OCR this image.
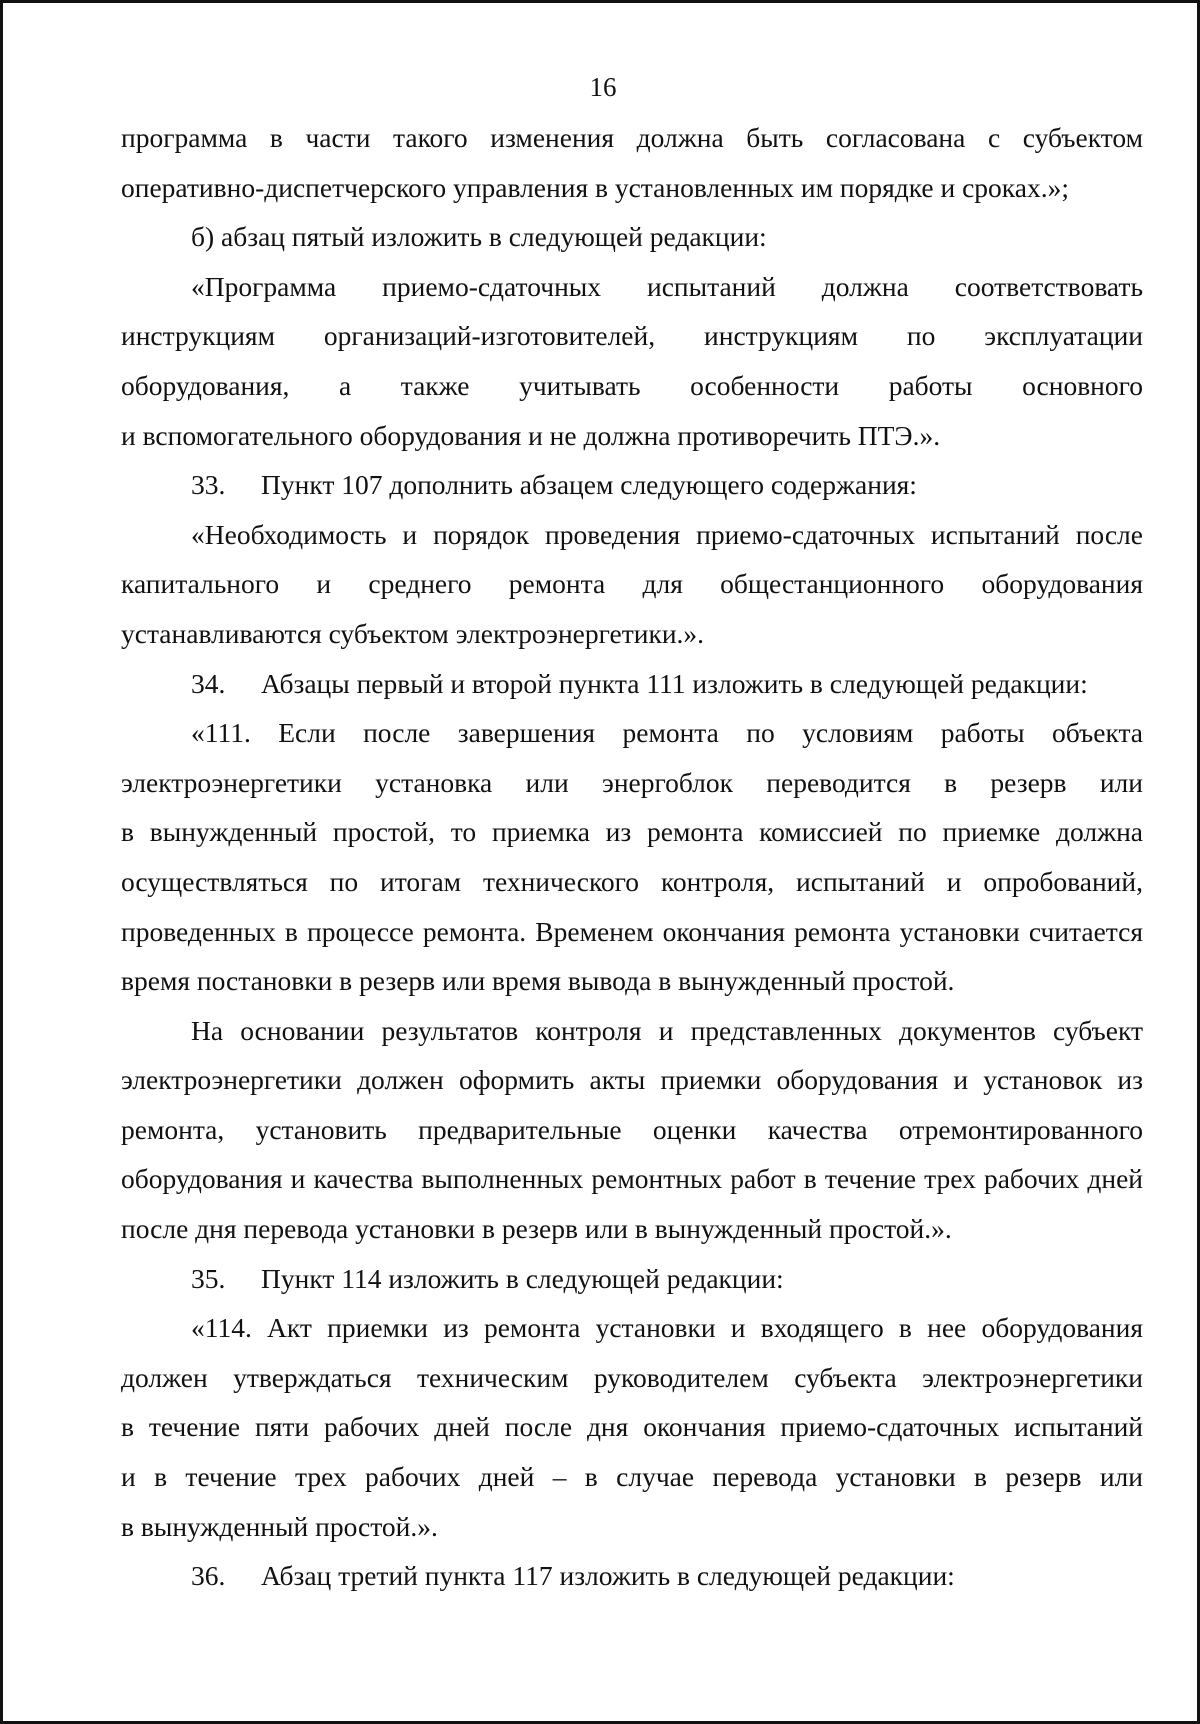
16

программа в части такого изменения должна быть согласована с субъектом

оперативно-диспетчерского управления в установленных им порядке и сроках.»;

б) абзац пятый изложить в следующей редакции:

«Программа приемо-сдаточных испытаний должна соответствовать

инструкциям организаций-изготовителей, инструкциям по эксплуатации

оборудования, а также учитывать особенности работы основного

и вспомогательного оборудования и не должна противоречить ПТЭ.».

33. Пункт 107 дополнить абзацем следующего содержания:

«Необходимость и порядок проведения приемо-сдаточных испытаний после

капитального и среднего ремонта для общестанционного оборудования

устанавливаются субъектом электроэнергетики.».

34. Абзацы первый и второй пункта 111 изложить в следующей редакции:

«111. Если после завершения ремонта по условиям работы объекта

электроэнергетики установка или энергоблок переводится в резерв или

в вынужденный простой, то приемка из ремонта комиссией по приемке должна

осуществляться по итогам технического контроля, испытаний и опробований,

проведенных в процессе ремонта. Временем окончания ремонта установки считается

время постановки в резерв или время вывода в вынужденный простой.

На основании результатов контроля и представленных документов субъект

электроэнергетики должен оформить акты приемки оборудования и установок из

ремонта, установить предварительные оценки качества отремонтированного

оборудования и качества выполненных ремонтных работ в течение трех рабочих дней

после дня перевода установки в резерв или в вынужденный простой.».

35. Пункт 114 изложить в следующей редакции:

«114. Акт приемки из ремонта установки и входящего в нее оборудования

должен утверждаться техническим руководителем субъекта электроэнергетики

в течение пяти рабочих дней после дня окончания приемо-сдаточных испытаний

и в течение трех рабочих дней – в случае перевода установки в резерв или

в вынужденный простой.».

36. Абзац третий пункта 117 изложить в следующей редакции:
